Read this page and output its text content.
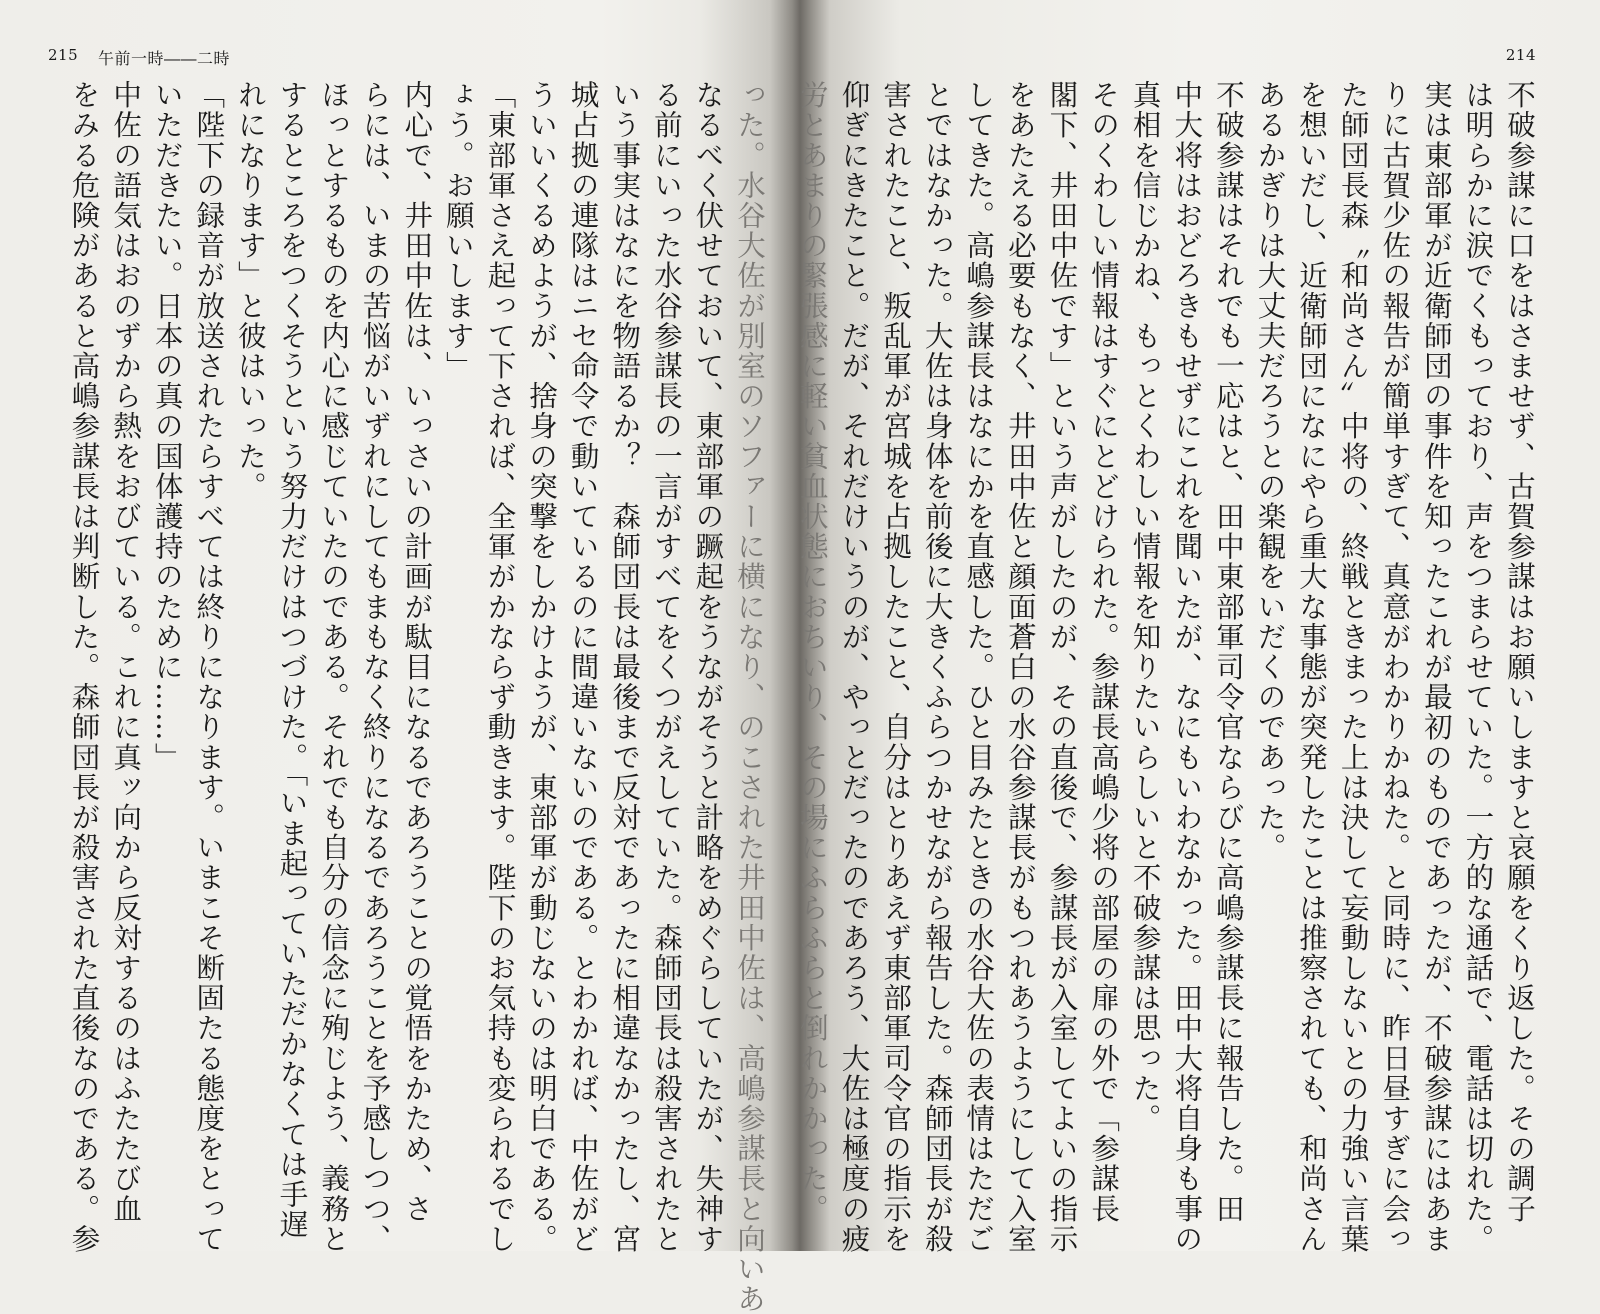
215 午前一時――二時
った。水谷大佐が別室のソファーに横になり、のこされた井田中佐は、高嶋参謀長と向いあ
なるべく伏せておいて、東部軍の蹶起をうながそうと計略をめぐらしていたが、失神す
る前にいった水谷参謀長の一言がすべてをくつがえしていた。森師団長は殺害されたと
いう事実はなにを物語るか？　森師団長は最後まで反対であったに相違なかったし、宮
城占拠の連隊はニセ命令で動いているのに間違いないのである。とわかれば、中佐がど
ういいくるめようが、捨身の突撃をしかけようが、東部軍が動じないのは明白である。
「東部軍さえ起って下されば、全軍がかならず動きます。陛下のお気持も変られるでし
ょう。お願いします」
内心で、井田中佐は、いっさいの計画が駄目になるであろうことの覚悟をかため、さ
らには、いまの苦悩がいずれにしてもまもなく終りになるであろうことを予感しつつ、
ほっとするものを内心に感じていたのである。それでも自分の信念に殉じよう、義務と
するところをつくそうという努力だけはつづけた。「いま起っていただかなくては手遅
れになります」と彼はいった。
「陛下の録音が放送されたらすべては終りになります。いまこそ断固たる態度をとって
いただきたい。日本の真の国体護持のために……」
中佐の語気はおのずから熱をおびている。これに真ッ向から反対するのはふたたび血
をみる危険があると高嶋参謀長は判断した。森師団長が殺害された直後なのである。参
214
不破参謀に口をはさませず、古賀参謀はお願いしますと哀願をくり返した。その調子
は明らかに涙でくもっており、声をつまらせていた。一方的な通話で、電話は切れた。
実は東部軍が近衛師団の事件を知ったこれが最初のものであったが、不破参謀にはあま
りに古賀少佐の報告が簡単すぎて、真意がわかりかねた。と同時に、昨日昼すぎに会っ
た師団長森〝和尚さん〟中将の、終戦ときまった上は決して妄動しないとの力強い言葉
を想いだし、近衛師団になにやら重大な事態が突発したことは推察されても、和尚さん
あるかぎりは大丈夫だろうとの楽観をいだくのであった。
不破参謀はそれでも一応はと、田中東部軍司令官ならびに高嶋参謀長に報告した。田
中大将はおどろきもせずにこれを聞いたが、なにもいわなかった。田中大将自身も事の
真相を信じかね、もっとくわしい情報を知りたいらしいと不破参謀は思った。
そのくわしい情報はすぐにとどけられた。参謀長高嶋少将の部屋の扉の外で「参謀長
閣下、井田中佐です」という声がしたのが、その直後で、参謀長が入室してよいの指示
をあたえる必要もなく、井田中佐と顔面蒼白の水谷参謀長がもつれあうようにして入室
してきた。高嶋参謀長はなにかを直感した。ひと目みたときの水谷大佐の表情はただご
とではなかった。大佐は身体を前後に大きくふらつかせながら報告した。森師団長が殺
害されたこと、叛乱軍が宮城を占拠したこと、自分はとりあえず東部軍司令官の指示を
仰ぎにきたこと。だが、それだけいうのが、やっとだったのであろう、大佐は極度の疲
労とあまりの緊張感に軽い貧血状態におちいり、その場にふらふらと倒れかかった。
